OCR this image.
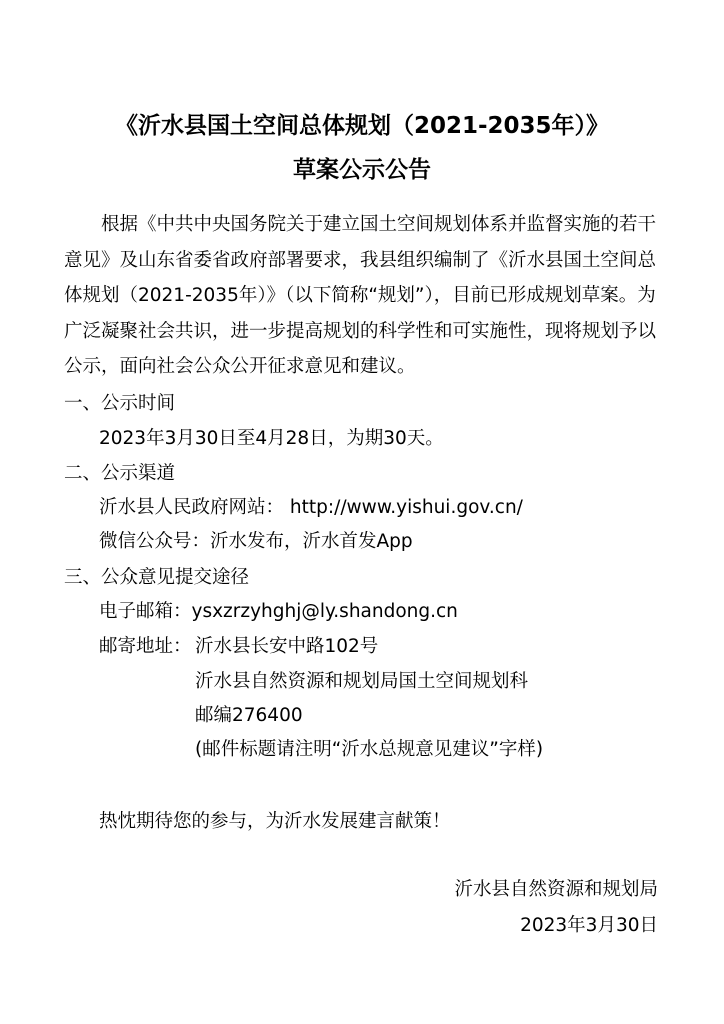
《沂水县国土空间总体规划（2021-2035年）》
草案公示公告

根据《中共中央国务院关于建立国土空间规划体系并监督实施的若干意见》及山东省委省政府部署要求，我县组织编制了《沂水县国土空间总体规划（2021-2035年）》（以下简称“规划”），目前已形成规划草案。为广泛凝聚社会共识，进一步提高规划的科学性和可实施性，现将规划予以公示，面向社会公众公开征求意见和建议。

一、公示时间
2023年3月30日至4月28日，为期30天。
二、公示渠道
沂水县人民政府网站： http://www.yishui.gov.cn/
微信公众号：沂水发布，沂水首发App
三、公众意见提交途径
电子邮箱：ysxzrzyhghj@ly.shandong.cn
邮寄地址： 沂水县长安中路102号
沂水县自然资源和规划局国土空间规划科
邮编276400
(邮件标题请注明“沂水总规意见建议”字样)
热忱期待您的参与，为沂水发展建言献策！
沂水县自然资源和规划局
2023年3月30日
